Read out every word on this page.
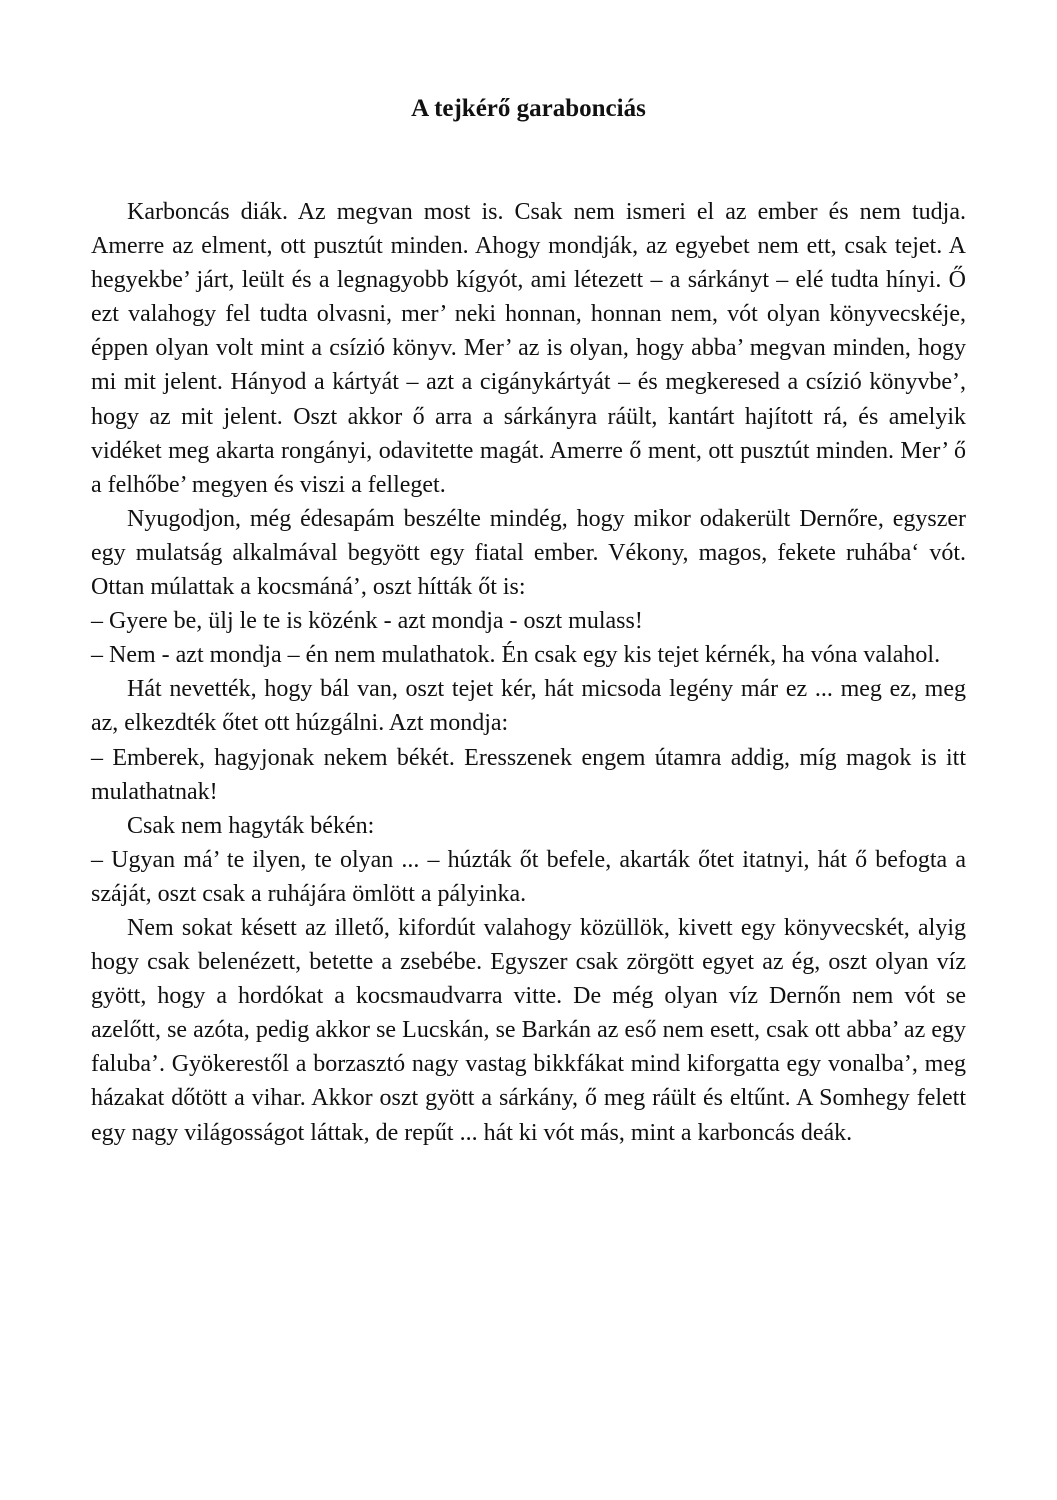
A tejkérő garabonciás

Karboncás diák. Az megvan most is. Csak nem ismeri el az ember és nem tudja. Amerre az elment, ott pusztút minden. Ahogy mondják, az egyebet nem ett, csak tejet. A hegyekbe’ járt, leült és a legnagyobb kígyót, ami létezett – a sárkányt – elé tudta hínyi. Ő ezt valahogy fel tudta olvasni, mer’ neki honnan, honnan nem, vót olyan könyvecskéje, éppen olyan volt mint a csízió könyv. Mer’ az is olyan, hogy abba’ megvan minden, hogy mi mit jelent. Hányod a kártyát – azt a cigánykártyát – és megkeresed a csízió könyvbe’, hogy az mit jelent. Oszt akkor ő arra a sárkányra ráült, kantárt hajított rá, és amelyik vidéket meg akarta rongányi, odavitette magát. Amerre ő ment, ott pusztút minden. Mer’ ő a felhőbe’ megyen és viszi a felleget.

Nyugodjon, még édesapám beszélte mindég, hogy mikor odakerült Dernőre, egyszer egy mulatság alkalmával begyött egy fiatal ember. Vékony, magos, fekete ruhába‘ vót. Ottan múlattak a kocsmáná’, oszt hítták őt is:

– Gyere be, ülj le te is közénk - azt mondja - oszt mulass!

– Nem - azt mondja – én nem mulathatok. Én csak egy kis tejet kérnék, ha vóna valahol.

Hát nevették, hogy bál van, oszt tejet kér, hát micsoda legény már ez ... meg ez, meg az, elkezdték őtet ott húzgálni. Azt mondja:

– Emberek, hagyjonak nekem békét. Eresszenek engem útamra addig, míg magok is itt mulathatnak!

Csak nem hagyták békén:

– Ugyan má’ te ilyen, te olyan ... – húzták őt befele, akarták őtet itatnyi, hát ő befogta a száját, oszt csak a ruhájára ömlött a pályinka.

Nem sokat késett az illető, kifordút valahogy közüllök, kivett egy könyvecskét, alyig hogy csak belenézett, betette a zsebébe. Egyszer csak zörgött egyet az ég, oszt olyan víz gyött, hogy a hordókat a kocsmaudvarra vitte. De még olyan víz Dernőn nem vót se azelőtt, se azóta, pedig akkor se Lucskán, se Barkán az eső nem esett, csak ott abba’ az egy faluba’. Gyökerestől a borzasztó nagy vastag bikkfákat mind kiforgatta egy vonalba’, meg házakat dőtött a vihar. Akkor oszt gyött a sárkány, ő meg ráült és eltűnt. A Somhegy felett egy nagy világosságot láttak, de repűt ... hát ki vót más, mint a karboncás deák.
